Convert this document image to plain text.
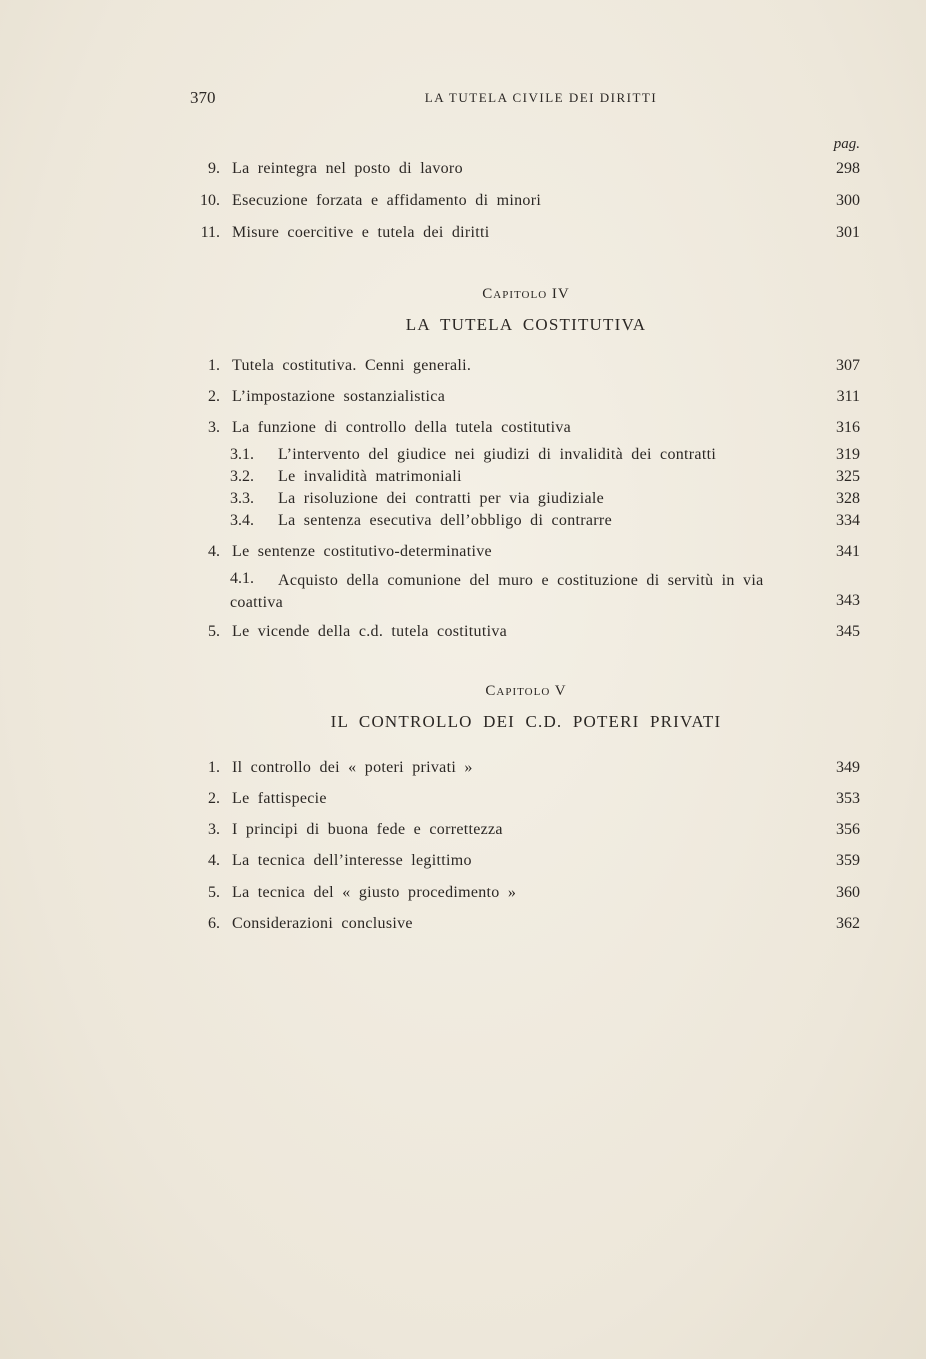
370	LA TUTELA CIVILE DEI DIRITTI
pag.
9. La reintegra nel posto di lavoro	298
10. Esecuzione forzata e affidamento di minori	300
11. Misure coercitive e tutela dei diritti	301
Capitolo IV
LA TUTELA COSTITUTIVA
1. Tutela costitutiva. Cenni generali.	307
2. L’impostazione sostanzialistica	311
3. La funzione di controllo della tutela costitutiva	316
3.1. L’intervento del giudice nei giudizi di invalidità dei contratti	319
3.2. Le invalidità matrimoniali	325
3.3. La risoluzione dei contratti per via giudiziale	328
3.4. La sentenza esecutiva dell’obbligo di contrarre	334
4. Le sentenze costitutivo-determinative	341
4.1.	Acquisto della comunione del muro e costituzione di servitù in via coattiva	343
5. Le vicende della c.d. tutela costitutiva	345
Capitolo V
IL CONTROLLO DEI C.D. POTERI PRIVATI
1. Il controllo dei « poteri privati »	349
2. Le fattispecie	353
3. I principi di buona fede e correttezza	356
4. La tecnica dell’interesse legittimo	359
5. La tecnica del « giusto procedimento »	360
6. Considerazioni conclusive	362
